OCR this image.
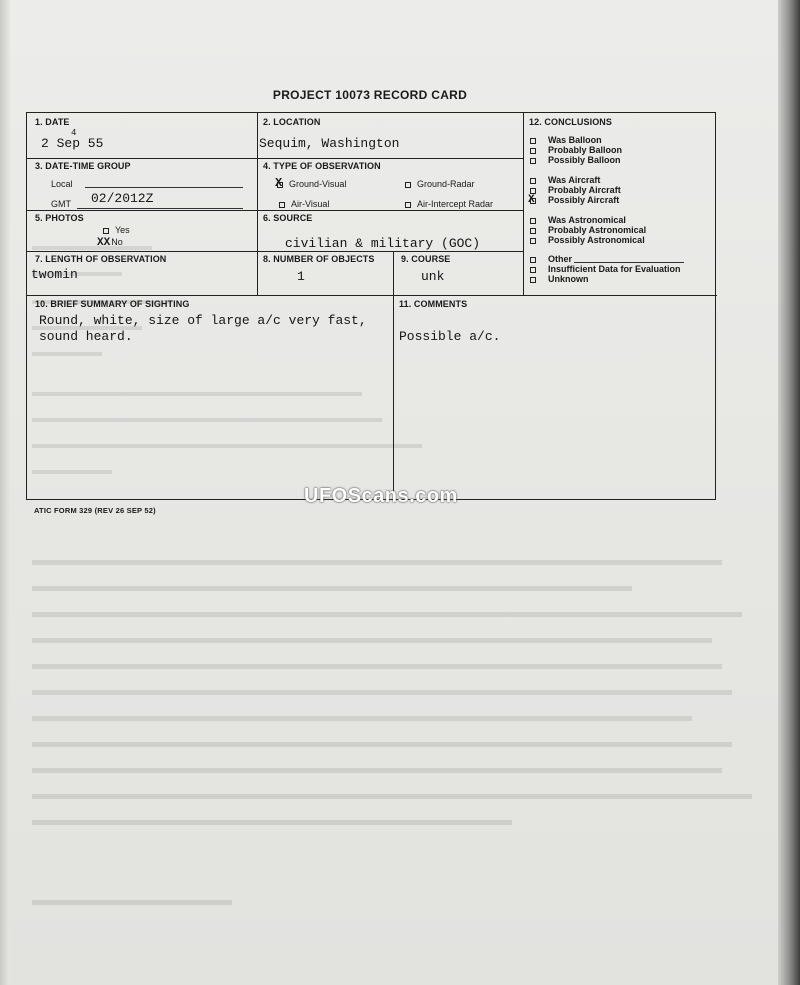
PROJECT 10073 RECORD CARD
1. DATE
4
2 Sep 55
2. LOCATION
Sequim, Washington
3. DATE-TIME GROUP
Local
GMT 02/2012Z
4. TYPE OF OBSERVATION
X Ground-Visual	Ground-Radar
Air-Visual	Air-Intercept Radar
5. PHOTOS
Yes
XXNo
6. SOURCE
civilian & military (GOC)
7. LENGTH OF OBSERVATION
twomin
8. NUMBER OF OBJECTS
1
9. COURSE
unk
10. BRIEF SUMMARY OF SIGHTING
Round, white, size of large a/c very fast,
sound heard.
11. COMMENTS
Possible a/c.
12. CONCLUSIONS
Was Balloon
Probably Balloon
Possibly Balloon
Was Aircraft
Probably Aircraft
X Possibly Aircraft
Was Astronomical
Probably Astronomical
Possibly Astronomical
Other
Insufficient Data for Evaluation
Unknown
ATIC FORM 329 (REV 26 SEP 52)
UFOScans.com
